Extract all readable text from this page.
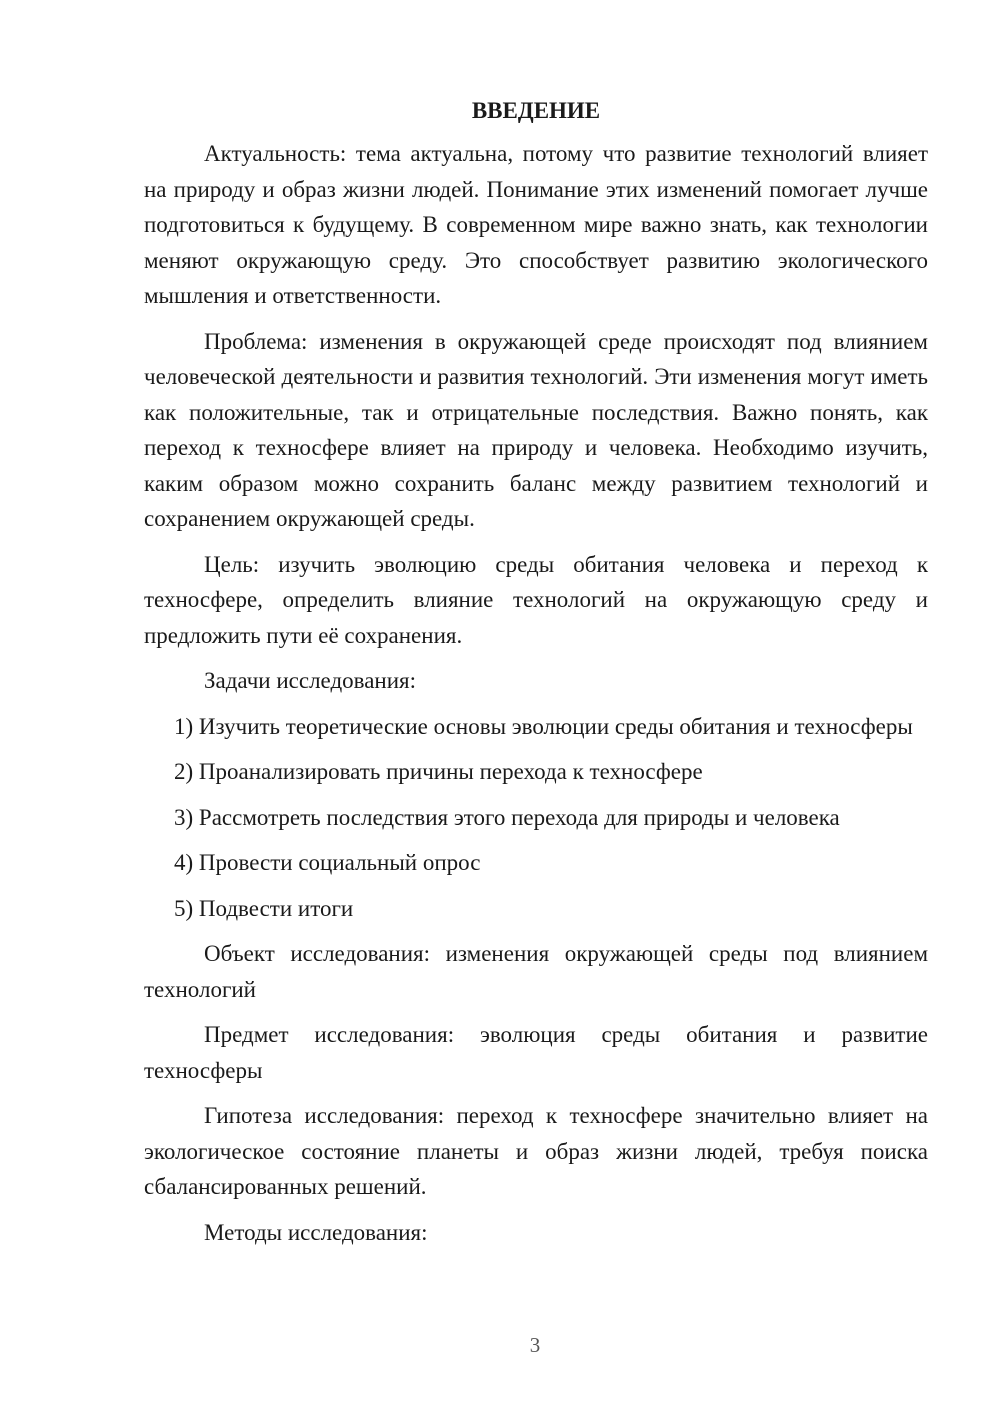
ВВЕДЕНИЕ

Актуальность: тема актуальна, потому что развитие технологий влияет на природу и образ жизни людей. Понимание этих изменений помогает лучше подготовиться к будущему. В современном мире важно знать, как технологии меняют окружающую среду. Это способствует развитию экологического мышления и ответственности.

Проблема: изменения в окружающей среде происходят под влиянием человеческой деятельности и развития технологий. Эти изменения могут иметь как положительные, так и отрицательные последствия. Важно понять, как переход к техносфере влияет на природу и человека. Необходимо изучить, каким образом можно сохранить баланс между развитием технологий и сохранением окружающей среды.

Цель: изучить эволюцию среды обитания человека и переход к техносфере, определить влияние технологий на окружающую среду и предложить пути её сохранения.

Задачи исследования:

1) Изучить теоретические основы эволюции среды обитания и техносферы

2) Проанализировать причины перехода к техносфере

3) Рассмотреть последствия этого перехода для природы и человека

4) Провести социальный опрос

5) Подвести итоги

Объект исследования: изменения окружающей среды под влиянием технологий

Предмет исследования: эволюция среды обитания и развитие техносферы

Гипотеза исследования: переход к техносфере значительно влияет на экологическое состояние планеты и образ жизни людей, требуя поиска сбалансированных решений.

Методы исследования:

3
